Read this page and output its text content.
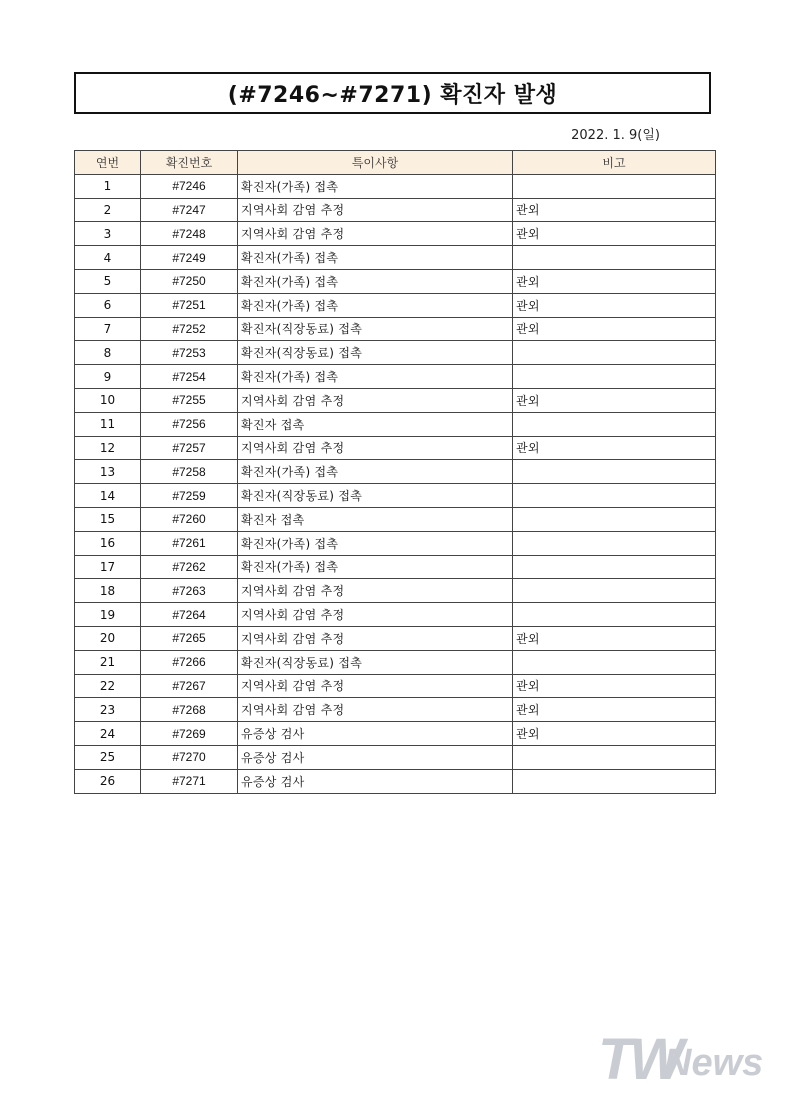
(#7246~#7271) 확진자 발생
2022. 1. 9(일)
연번	확진번호	특이사항	비고
1	#7246	확진자(가족) 접촉	
2	#7247	지역사회 감염 추정	관외
3	#7248	지역사회 감염 추정	관외
4	#7249	확진자(가족) 접촉	
5	#7250	확진자(가족) 접촉	관외
6	#7251	확진자(가족) 접촉	관외
7	#7252	확진자(직장동료) 접촉	관외
8	#7253	확진자(직장동료) 접촉	
9	#7254	확진자(가족) 접촉	
10	#7255	지역사회 감염 추정	관외
11	#7256	확진자 접촉	
12	#7257	지역사회 감염 추정	관외
13	#7258	확진자(가족) 접촉	
14	#7259	확진자(직장동료) 접촉	
15	#7260	확진자 접촉	
16	#7261	확진자(가족) 접촉	
17	#7262	확진자(가족) 접촉	
18	#7263	지역사회 감염 추정	
19	#7264	지역사회 감염 추정	
20	#7265	지역사회 감염 추정	관외
21	#7266	확진자(직장동료) 접촉	
22	#7267	지역사회 감염 추정	관외
23	#7268	지역사회 감염 추정	관외
24	#7269	유증상 검사	관외
25	#7270	유증상 검사	
26	#7271	유증상 검사	
TW
News
